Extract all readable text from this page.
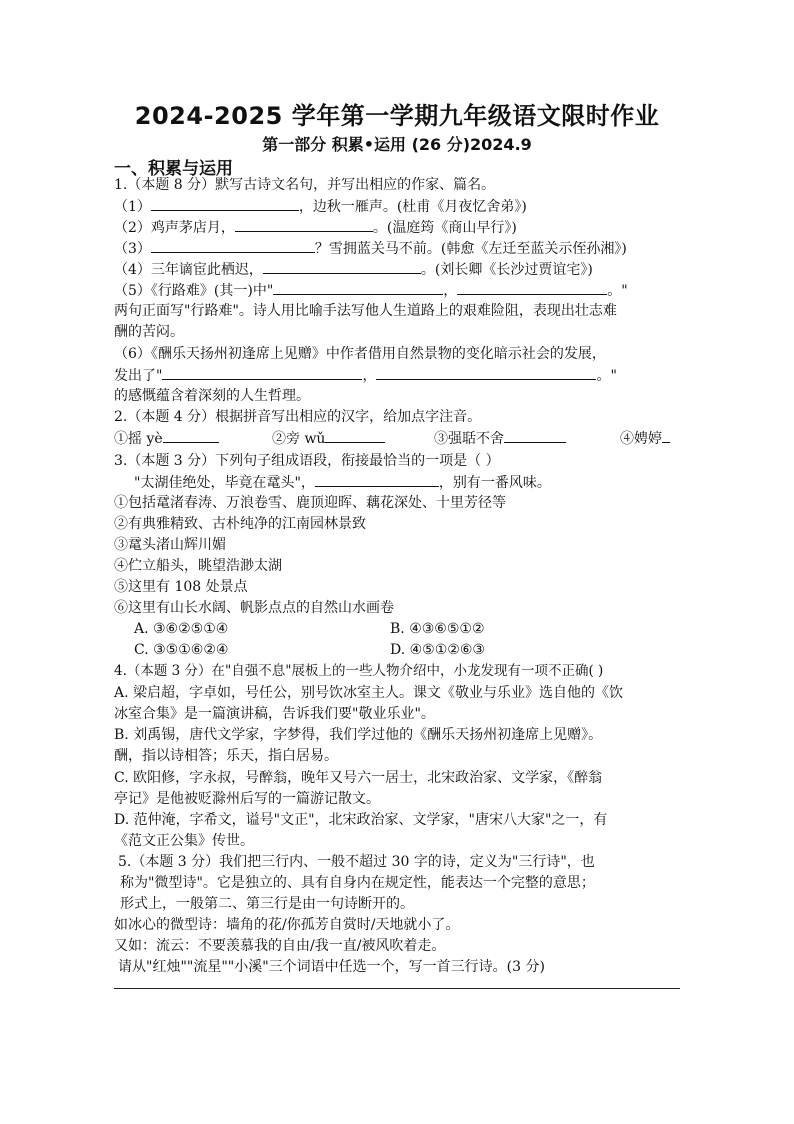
2024-2025 学年第一学期九年级语文限时作业
第一部分 积累•运用 (26 分)2024.9
一、积累与运用
1.（本题 8 分）默写古诗文名句，并写出相应的作家、篇名。
（1）	，边秋一雁声。(杜甫《月夜忆舍弟》)
（2）鸡声茅店月，	。(温庭筠《商山早行》)
（3）	？雪拥蓝关马不前。(韩愈《左迁至蓝关示侄孙湘》)
（4）三年谪宦此栖迟，	。(刘长卿《长沙过贾谊宅》)
（5）《行路难》(其一)中"	，	。"
两句正面写"行路难"。诗人用比喻手法写他人生道路上的艰难险阻，表现出壮志难
酬的苦闷。
（6）《酬乐天扬州初逢席上见赠》中作者借用自然景物的变化暗示社会的发展，
发出了"	，	。"
的感慨蕴含着深刻的人生哲理。
2.（本题 4 分）根据拼音写出相应的汉字，给加点字注音。
①摇 yè	②旁 wǔ	③强聒不舍	④娉婷
3.（本题 3 分）下列句子组成语段，衔接最恰当的一项是（ ）
"太湖佳绝处，毕竟在鼋头"，	，别有一番风味。
①包括鼋渚春涛、万浪卷雪、鹿顶迎晖、藕花深处、十里芳径等
②有典雅精致、古朴纯净的江南园林景致
③鼋头渚山辉川媚
④伫立船头，眺望浩渺太湖
⑤这里有 108 处景点
⑥这里有山长水阔、帆影点点的自然山水画卷
A. ③⑥②⑤①④	B. ④③⑥⑤①②
C. ③⑤①⑥②④	D. ④⑤①②⑥③
4.（本题 3 分）在"自强不息"展板上的一些人物介绍中，小龙发现有一项不正确( )
A. 梁启超，字卓如，号任公，别号饮冰室主人。课文《敬业与乐业》选自他的《饮
冰室合集》是一篇演讲稿，告诉我们要"敬业乐业"。
B. 刘禹锡，唐代文学家，字梦得，我们学过他的《酬乐天扬州初逢席上见赠》。
酬，指以诗相答；乐天，指白居易。
C. 欧阳修，字永叔，号醉翁，晚年又号六一居士，北宋政治家、文学家，《醉翁
亭记》是他被贬滁州后写的一篇游记散文。
D. 范仲淹，字希文，谥号"文正"，北宋政治家、文学家，"唐宋八大家"之一，有
《范文正公集》传世。
5.（本题 3 分）我们把三行内、一般不超过 30 字的诗，定义为"三行诗"，也
称为"微型诗"。它是独立的、具有自身内在规定性，能表达一个完整的意思；
形式上，一般第二、第三行是由一句诗断开的。
如冰心的微型诗：墙角的花/你孤芳自赏时/天地就小了。
又如：流云：不要羡慕我的自由/我一直/被风吹着走。
请从"红烛""流星""小溪"三个词语中任选一个，写一首三行诗。(3 分)
